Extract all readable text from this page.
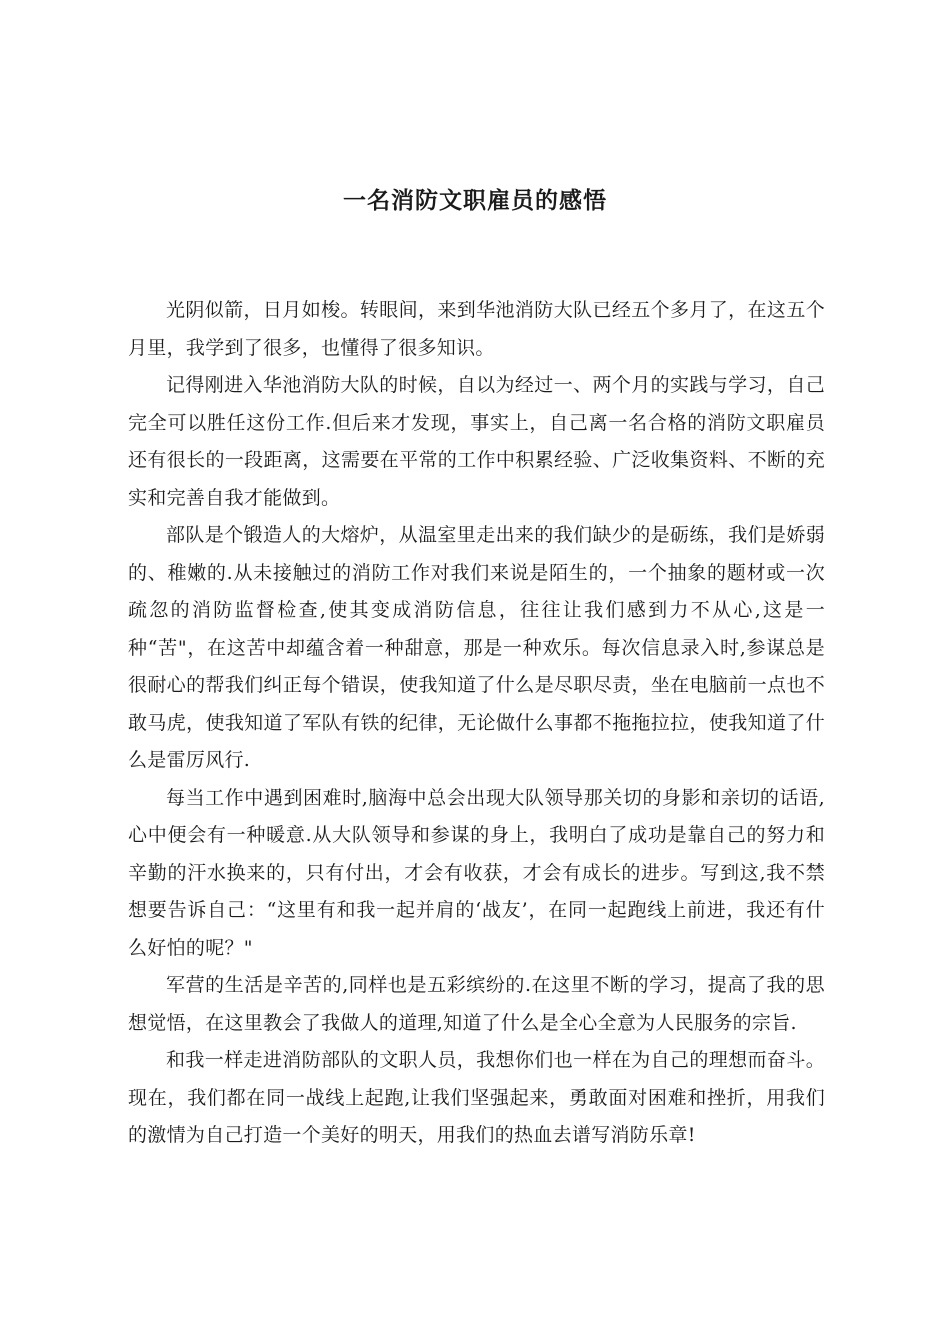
一名消防文职雇员的感悟

光阴似箭，日月如梭。转眼间，来到华池消防大队已经五个多月了，在这五个月里，我学到了很多，也懂得了很多知识。

记得刚进入华池消防大队的时候，自以为经过一、两个月的实践与学习，自己完全可以胜任这份工作.但后来才发现，事实上，自己离一名合格的消防文职雇员还有很长的一段距离，这需要在平常的工作中积累经验、广泛收集资料、不断的充实和完善自我才能做到。

部队是个锻造人的大熔炉，从温室里走出来的我们缺少的是砺练，我们是娇弱的、稚嫩的.从未接触过的消防工作对我们来说是陌生的，一个抽象的题材或一次疏忽的消防监督检查,使其变成消防信息，往往让我们感到力不从心,这是一种“苦"，在这苦中却蕴含着一种甜意，那是一种欢乐。每次信息录入时,参谋总是很耐心的帮我们纠正每个错误，使我知道了什么是尽职尽责，坐在电脑前一点也不敢马虎，使我知道了军队有铁的纪律，无论做什么事都不拖拖拉拉，使我知道了什么是雷厉风行.

每当工作中遇到困难时,脑海中总会出现大队领导那关切的身影和亲切的话语,心中便会有一种暖意.从大队领导和参谋的身上，我明白了成功是靠自己的努力和辛勤的汗水换来的，只有付出，才会有收获，才会有成长的进步。写到这,我不禁想要告诉自己：“这里有和我一起并肩的‘战友’，在同一起跑线上前进，我还有什么好怕的呢？"

军营的生活是辛苦的,同样也是五彩缤纷的.在这里不断的学习，提高了我的思想觉悟，在这里教会了我做人的道理,知道了什么是全心全意为人民服务的宗旨.

和我一样走进消防部队的文职人员，我想你们也一样在为自己的理想而奋斗。现在，我们都在同一战线上起跑,让我们坚强起来，勇敢面对困难和挫折，用我们的激情为自己打造一个美好的明天，用我们的热血去谱写消防乐章!
